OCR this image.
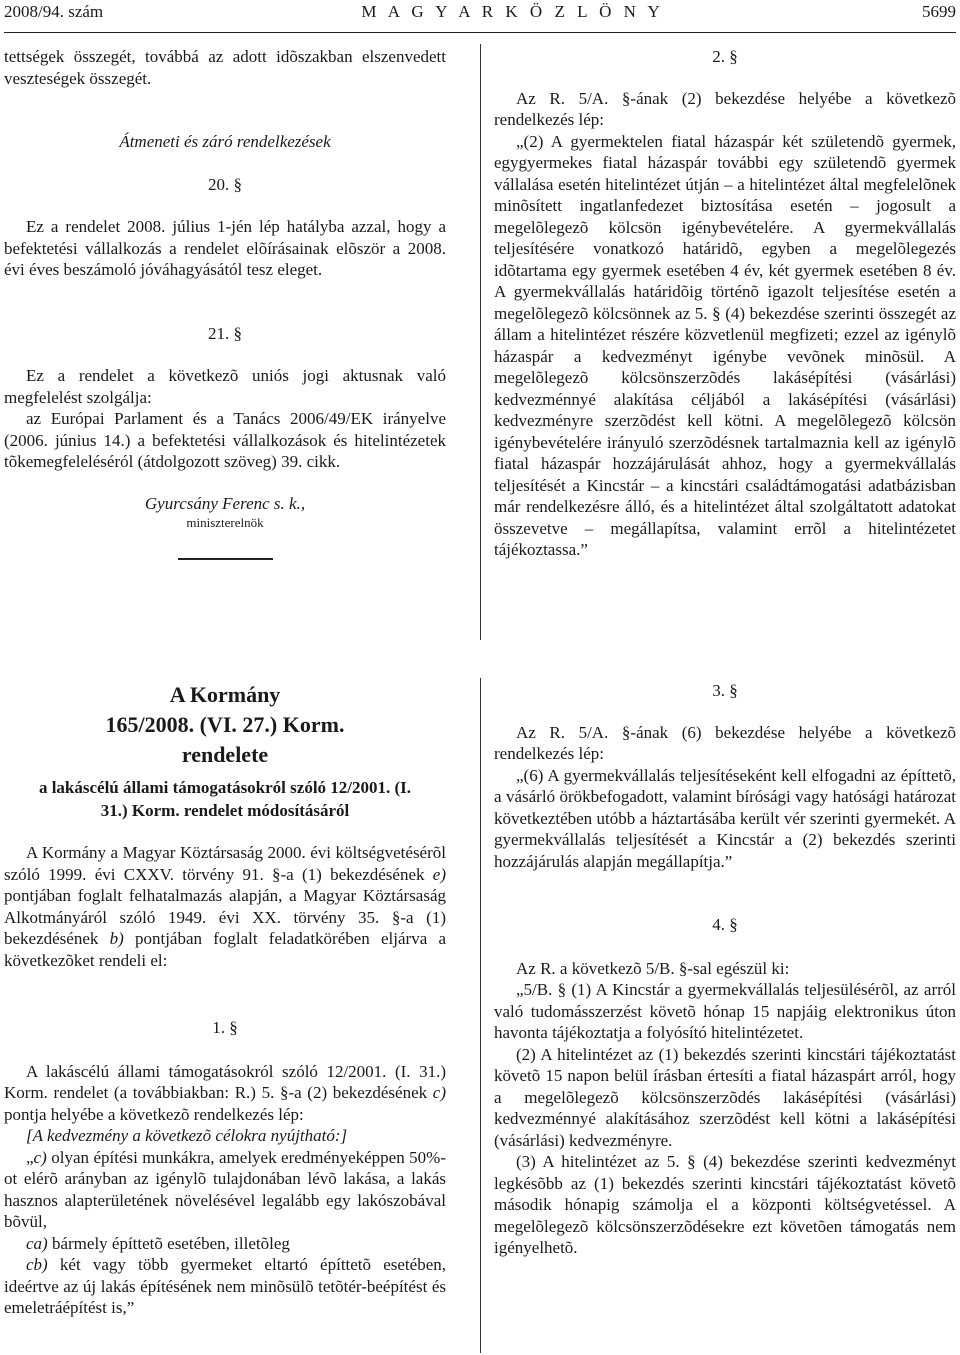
2008/94. szám	M A G Y A R K Ö Z L Ö N Y	5699

tettségek összegét, továbbá az adott idõszakban elszenvedett veszteségek összegét.

Átmeneti és záró rendelkezések

20. §

Ez a rendelet 2008. július 1-jén lép hatályba azzal, hogy a befektetési vállalkozás a rendelet elõírásainak elõször a 2008. évi éves beszámoló jóváhagyásától tesz eleget.

21. §

Ez a rendelet a következõ uniós jogi aktusnak való megfelelést szolgálja:

az Európai Parlament és a Tanács 2006/49/EK irányelve (2006. június 14.) a befektetési vállalkozások és hitelintézetek tõkemegfeleléséról (átdolgozott szöveg) 39. cikk.

Gyurcsány Ferenc s. k.,

miniszterelnök

2. §

Az R. 5/A. §-ának (2) bekezdése helyébe a következõ rendelkezés lép:

„(2) A gyermektelen fiatal házaspár két születendõ gyermek, egygyermekes fiatal házaspár további egy születendõ gyermek vállalása esetén hitelintézet útján – a hitelintézet által megfelelõnek minõsített ingatlanfedezet biztosítása esetén – jogosult a megelõlegezõ kölcsön igénybevételére. A gyermekvállalás teljesítésére vonatkozó határidõ, egyben a megelõlegezés idõtartama egy gyermek esetében 4 év, két gyermek esetében 8 év. A gyermekvállalás határidõig történõ igazolt teljesítése esetén a megelõlegezõ kölcsönnek az 5. § (4) bekezdése szerinti összegét az állam a hitelintézet részére közvetlenül megfizeti; ezzel az igénylõ házaspár a kedvezményt igénybe vevõnek minõsül. A megelõlegezõ kölcsönszerzõdés lakásépítési (vásárlási) kedvezménnyé alakítása céljából a lakásépítési (vásárlási) kedvezményre szerzõdést kell kötni. A megelõlegezõ kölcsön igénybevételére irányuló szerzõdésnek tartalmaznia kell az igénylõ fiatal házaspár hozzájárulását ahhoz, hogy a gyermekvállalás teljesítését a Kincstár – a kincstári családtámogatási adatbázisban már rendelkezésre álló, és a hitelintézet által szolgáltatott adatokat összevetve – megállapítsa, valamint errõl a hitelintézetet tájékoztassa.”

A Kormány

165/2008. (VI. 27.) Korm.

rendelete

a lakáscélú állami támogatásokról szóló 12/2001. (I. 31.) Korm. rendelet módosításáról

A Kormány a Magyar Köztársaság 2000. évi költségvetésérõl szóló 1999. évi CXXV. törvény 91. §-a (1) bekezdésének e) pontjában foglalt felhatalmazás alapján, a Magyar Köztársaság Alkotmányáról szóló 1949. évi XX. törvény 35. §-a (1) bekezdésének b) pontjában foglalt feladatkörében eljárva a következõket rendeli el:

1. §

A lakáscélú állami támogatásokról szóló 12/2001. (I. 31.) Korm. rendelet (a továbbiakban: R.) 5. §-a (2) bekezdésének c) pontja helyébe a következõ rendelkezés lép:

[A kedvezmény a következõ célokra nyújtható:]

„c) olyan építési munkákra, amelyek eredményeképpen 50%-ot elérõ arányban az igénylõ tulajdonában lévõ lakása, a lakás hasznos alapterületének növelésével legalább egy lakószobával bõvül,

ca) bármely építtetõ esetében, illetõleg

cb) két vagy több gyermeket eltartó építtetõ esetében, ideértve az új lakás építésének nem minõsülõ tetõtér-beépítést és emeletráépítést is,”

3. §

Az R. 5/A. §-ának (6) bekezdése helyébe a következõ rendelkezés lép:

„(6) A gyermekvállalás teljesítéseként kell elfogadni az építtetõ, a vásárló örökbefogadott, valamint bírósági vagy hatósági határozat következtében utóbb a háztartásába került vér szerinti gyermekét. A gyermekvállalás teljesítését a Kincstár a (2) bekezdés szerinti hozzájárulás alapján megállapítja.”

4. §

Az R. a következõ 5/B. §-sal egészül ki:

„5/B. § (1) A Kincstár a gyermekvállalás teljesülésérõl, az arról való tudomásszerzést követõ hónap 15 napjáig elektronikus úton havonta tájékoztatja a folyósító hitelintézetet.

(2) A hitelintézet az (1) bekezdés szerinti kincstári tájékoztatást követõ 15 napon belül írásban értesíti a fiatal házaspárt arról, hogy a megelõlegezõ kölcsönszerzõdés lakásépítési (vásárlási) kedvezménnyé alakításához szerzõdést kell kötni a lakásépítési (vásárlási) kedvezményre.

(3) A hitelintézet az 5. § (4) bekezdése szerinti kedvezményt legkésõbb az (1) bekezdés szerinti kincstári tájékoztatást követõ második hónapig számolja el a központi költségvetéssel. A megelõlegezõ kölcsönszerzõdésekre ezt követõen támogatás nem igényelhetõ.
